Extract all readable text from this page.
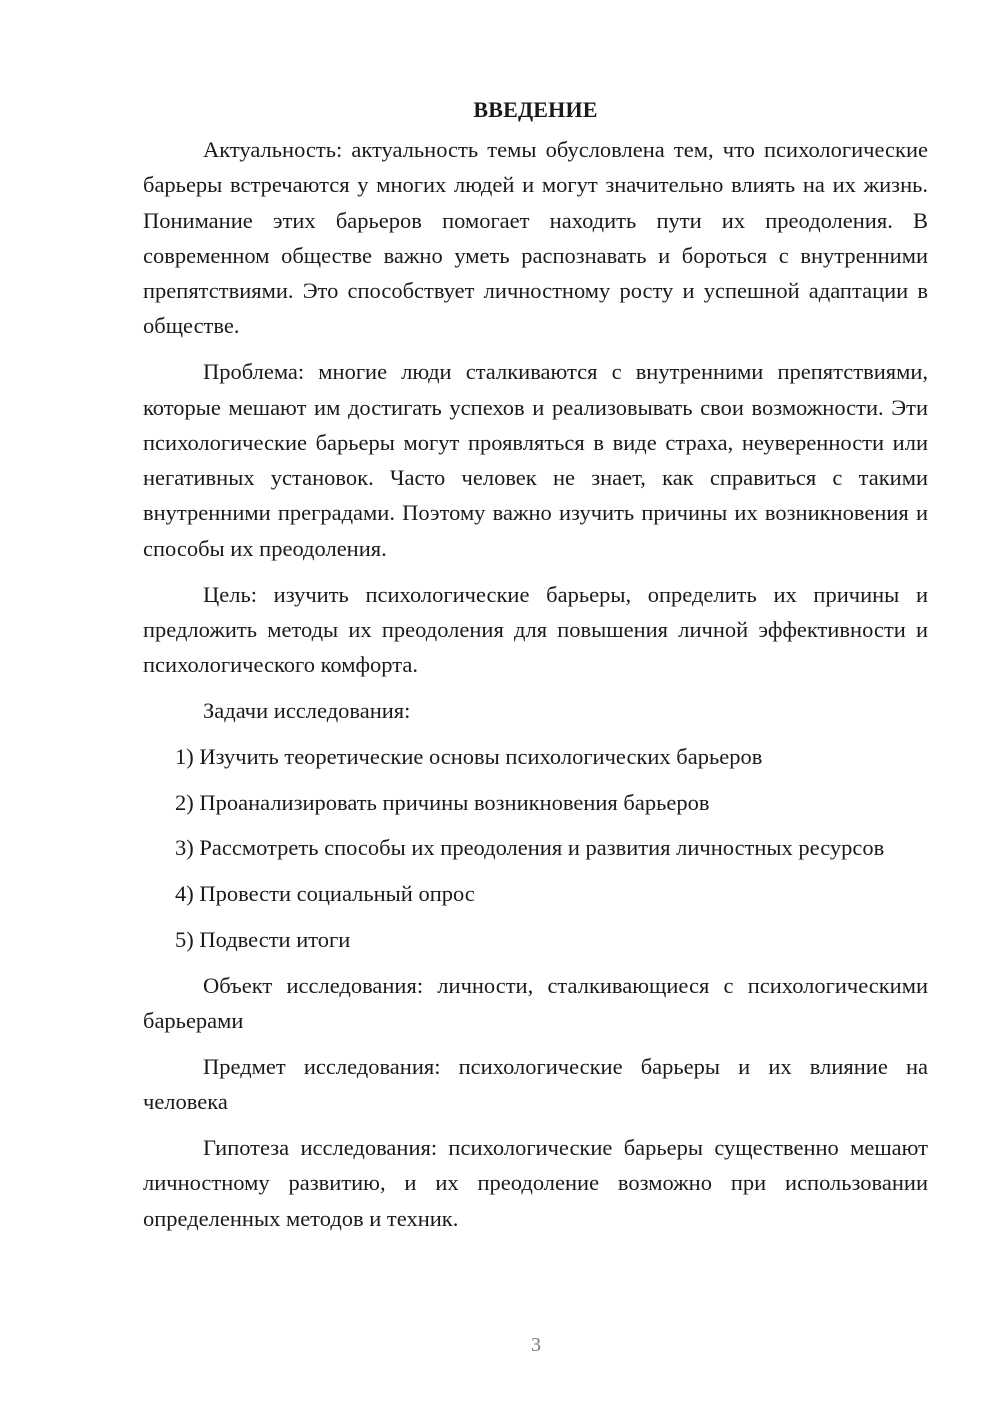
ВВЕДЕНИЕ

Актуальность: актуальность темы обусловлена тем, что психологические барьеры встречаются у многих людей и могут значительно влиять на их жизнь. Понимание этих барьеров помогает находить пути их преодоления. В современном обществе важно уметь распознавать и бороться с внутренними препятствиями. Это способствует личностному росту и успешной адаптации в обществе.

Проблема: многие люди сталкиваются с внутренними препятствиями, которые мешают им достигать успехов и реализовывать свои возможности. Эти психологические барьеры могут проявляться в виде страха, неуверенности или негативных установок. Часто человек не знает, как справиться с такими внутренними преградами. Поэтому важно изучить причины их возникновения и способы их преодоления.

Цель: изучить психологические барьеры, определить их причины и предложить методы их преодоления для повышения личной эффективности и психологического комфорта.

Задачи исследования:

1) Изучить теоретические основы психологических барьеров

2) Проанализировать причины возникновения барьеров

3) Рассмотреть способы их преодоления и развития личностных ресурсов

4) Провести социальный опрос

5) Подвести итоги

Объект исследования: личности, сталкивающиеся с психологическими барьерами

Предмет исследования: психологические барьеры и их влияние на человека

Гипотеза исследования: психологические барьеры существенно мешают личностному развитию, и их преодоление возможно при использовании определенных методов и техник.

3
